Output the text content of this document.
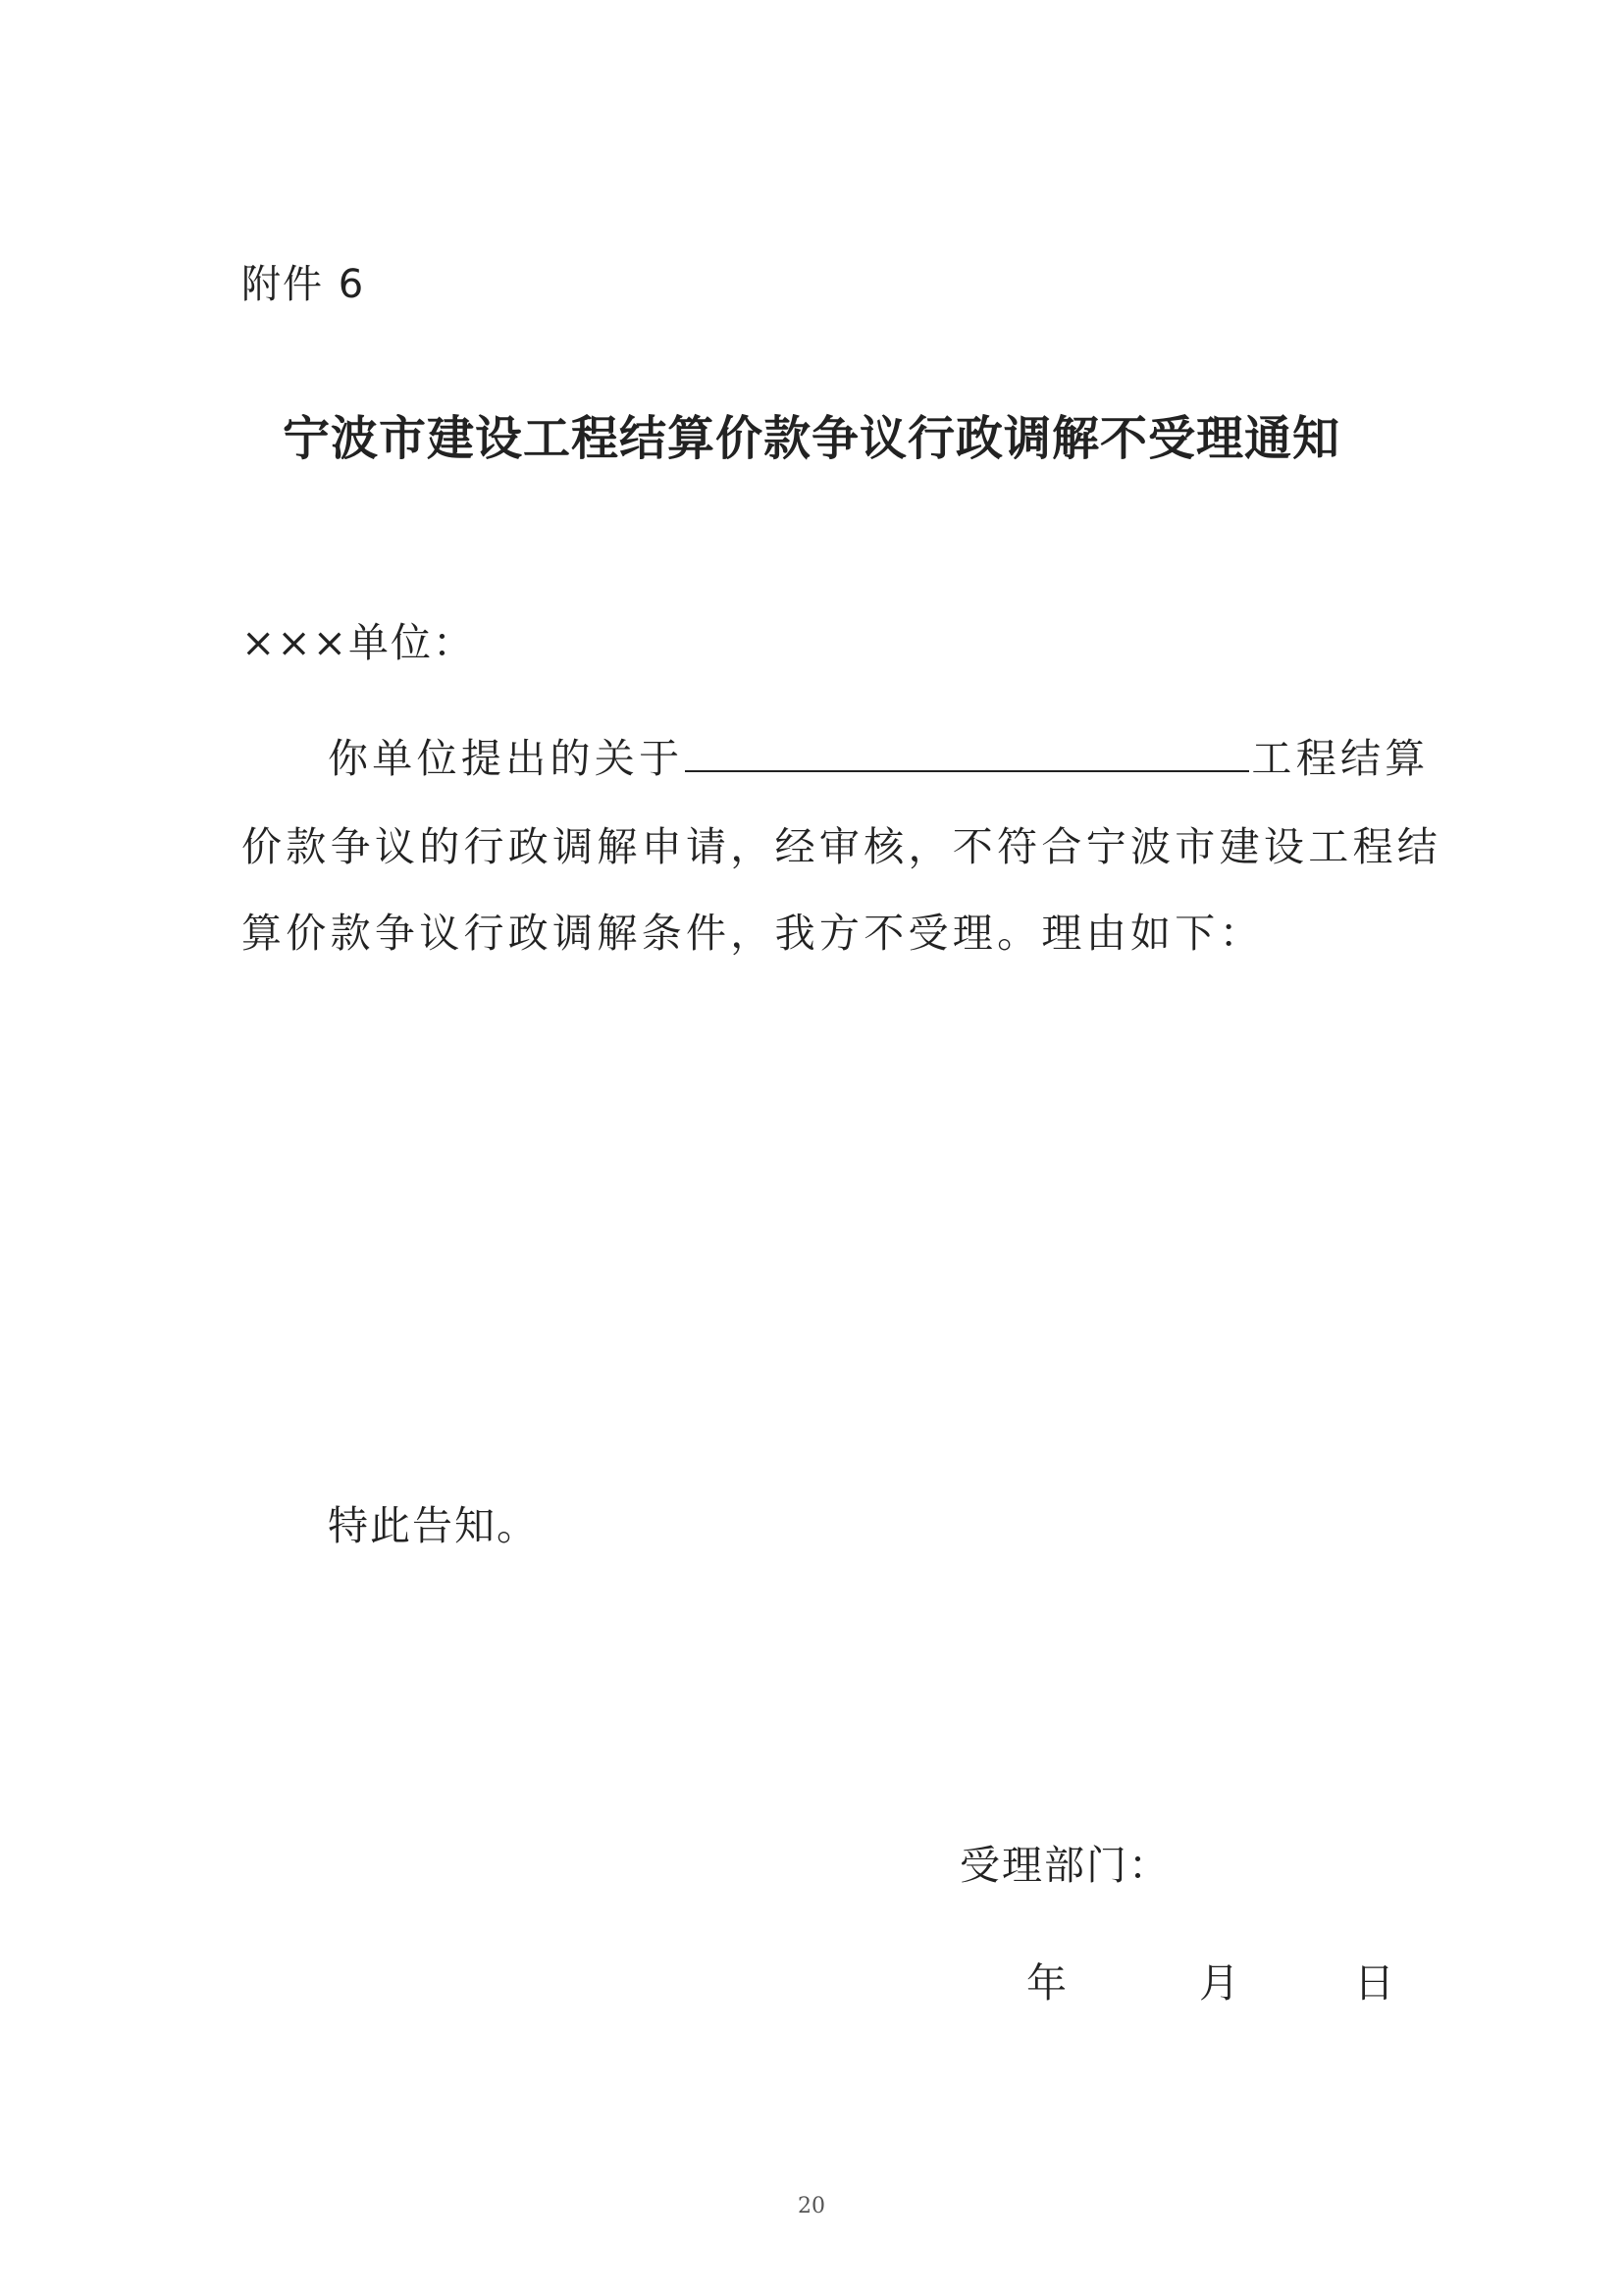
附件 6
宁波市建设工程结算价款争议行政调解不受理通知
×××单位：
你单位提出的关于	工程结算
价款争议的行政调解申请，经审核，不符合宁波市建设工程结
算价款争议行政调解条件，我方不受理。理由如下：
特此告知。
受理部门：
年	月	日
20
